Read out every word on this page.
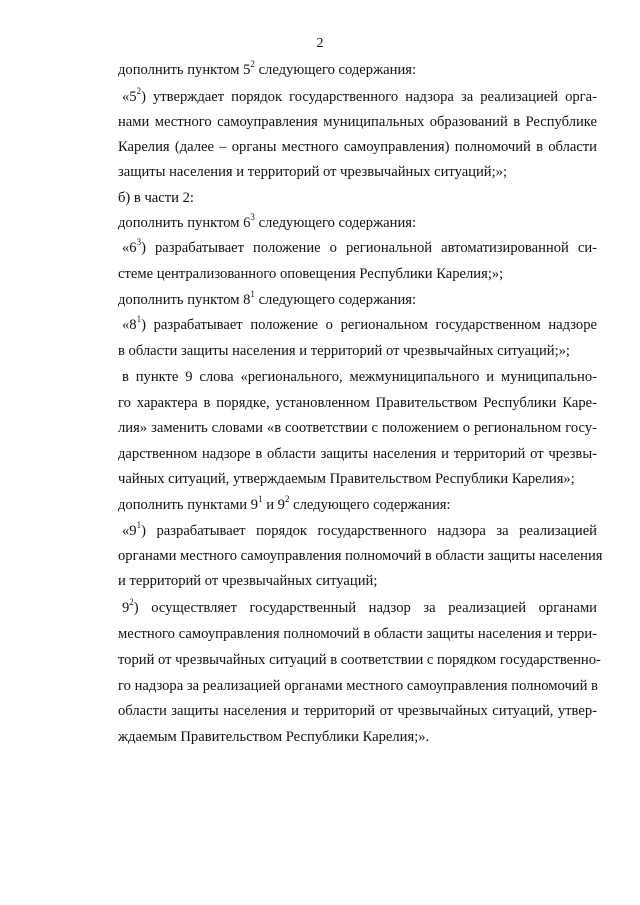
2
дополнить пунктом $5^2$ следующего содержания:
«$5^2$) утверждает порядок государственного надзора за реализацией орга-
нами местного самоуправления муниципальных образований в Республике
Карелия (далее – органы местного самоуправления) полномочий в области
защиты населения и территорий от чрезвычайных ситуаций;»;
б) в части 2:
дополнить пунктом $6^3$ следующего содержания:
«$6^3$) разрабатывает положение о региональной автоматизированной си-
стеме централизованного оповещения Республики Карелия;»;
дополнить пунктом $8^1$ следующего содержания:
«$8^1$) разрабатывает положение о региональном государственном надзоре
в области защиты населения и территорий от чрезвычайных ситуаций;»;
в пункте 9 слова «регионального, межмуниципального и муниципально-
го характера в порядке, установленном Правительством Республики Каре-
лия» заменить словами «в соответствии с положением о региональном госу-
дарственном надзоре в области защиты населения и территорий от чрезвы-
чайных ситуаций, утверждаемым Правительством Республики Карелия»;
дополнить пунктами $9^1$ и $9^2$ следующего содержания:
«$9^1$) разрабатывает порядок государственного надзора за реализацией
органами местного самоуправления полномочий в области защиты населения
и территорий от чрезвычайных ситуаций;
$9^2$) осуществляет государственный надзор за реализацией органами
местного самоуправления полномочий в области защиты населения и терри-
торий от чрезвычайных ситуаций в соответствии с порядком государственно-
го надзора за реализацией органами местного самоуправления полномочий в
области защиты населения и территорий от чрезвычайных ситуаций, утвер-
ждаемым Правительством Республики Карелия;».
